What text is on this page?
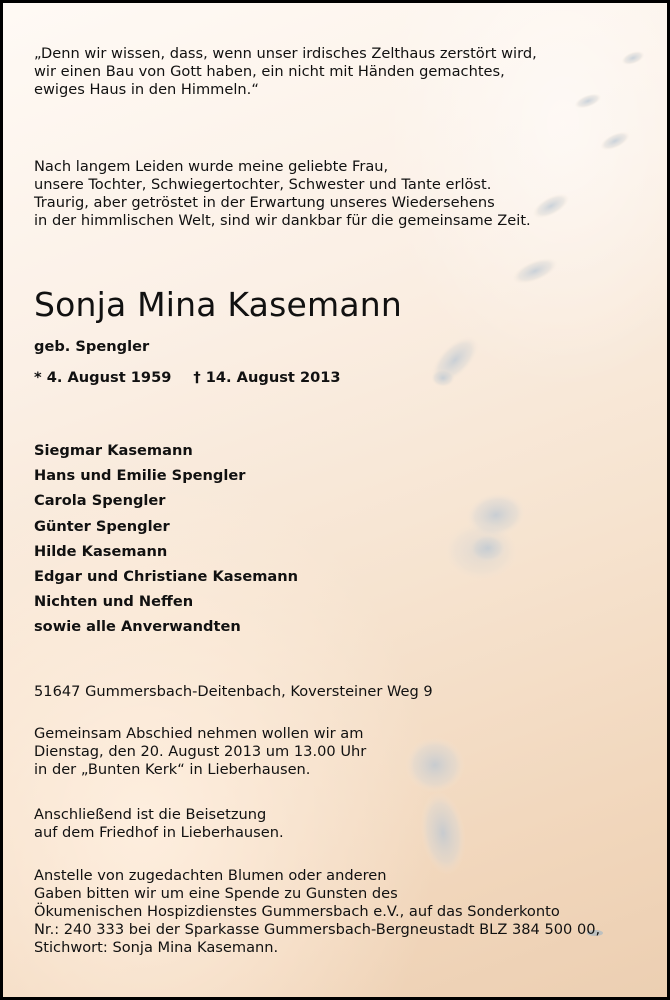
„Denn wir wissen, dass, wenn unser irdisches Zelthaus zerstört wird,
wir einen Bau von Gott haben, ein nicht mit Händen gemachtes,
ewiges Haus in den Himmeln.“

Nach langem Leiden wurde meine geliebte Frau,
unsere Tochter, Schwiegertochter, Schwester und Tante erlöst.
Traurig, aber getröstet in der Erwartung unseres Wiedersehens
in der himmlischen Welt, sind wir dankbar für die gemeinsame Zeit.

Sonja Mina Kasemann

geb. Spengler

* 4. August 1959 † 14. August 2013

Siegmar Kasemann
Hans und Emilie Spengler
Carola Spengler
Günter Spengler
Hilde Kasemann
Edgar und Christiane Kasemann
Nichten und Neffen
sowie alle Anverwandten

51647 Gummersbach-Deitenbach, Koversteiner Weg 9

Gemeinsam Abschied nehmen wollen wir am
Dienstag, den 20. August 2013 um 13.00 Uhr
in der „Bunten Kerk“ in Lieberhausen.

Anschließend ist die Beisetzung
auf dem Friedhof in Lieberhausen.

Anstelle von zugedachten Blumen oder anderen
Gaben bitten wir um eine Spende zu Gunsten des
Ökumenischen Hospizdienstes Gummersbach e.V., auf das Sonderkonto
Nr.: 240 333 bei der Sparkasse Gummersbach-Bergneustadt BLZ 384 500 00,
Stichwort: Sonja Mina Kasemann.
